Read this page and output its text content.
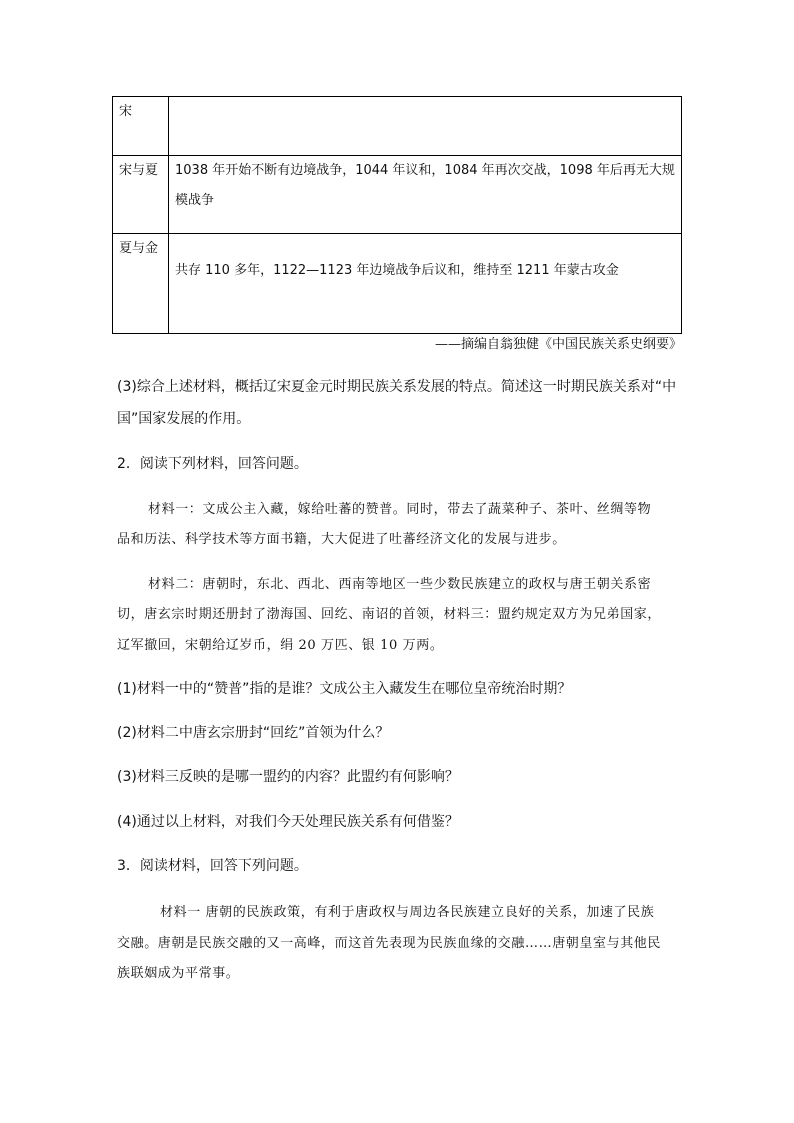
宋	
宋与夏	1038 年开始不断有边境战争，1044 年议和，1084 年再次交战，1098 年后再无大规模战争
夏与金	共存 110 多年，1122—1123 年边境战争后议和，维持至 1211 年蒙古攻金
——摘编自翁独健《中国民族关系史纲要》
(3)综合上述材料，概括辽宋夏金元时期民族关系发展的特点。简述这一时期民族关系对“中
国”国家发展的作用。
2．阅读下列材料，回答问题。
材料一：文成公主入藏，嫁给吐蕃的赞普。同时，带去了蔬菜种子、茶叶、丝绸等物
品和历法、科学技术等方面书籍，大大促进了吐蕃经济文化的发展与进步。
材料二：唐朝时，东北、西北、西南等地区一些少数民族建立的政权与唐王朝关系密
切，唐玄宗时期还册封了渤海国、回纥、南诏的首领，材料三：盟约规定双方为兄弟国家，
辽军撤回，宋朝给辽岁币，绢 20 万匹、银 10 万两。
(1)材料一中的“赞普”指的是谁？文成公主入藏发生在哪位皇帝统治时期？
(2)材料二中唐玄宗册封“回纥”首领为什么？
(3)材料三反映的是哪一盟约的内容？此盟约有何影响？
(4)通过以上材料，对我们今天处理民族关系有何借鉴？
3．阅读材料，回答下列问题。
材料一 唐朝的民族政策，有利于唐政权与周边各民族建立良好的关系，加速了民族
交融。唐朝是民族交融的又一高峰，而这首先表现为民族血缘的交融……唐朝皇室与其他民
族联姻成为平常事。
